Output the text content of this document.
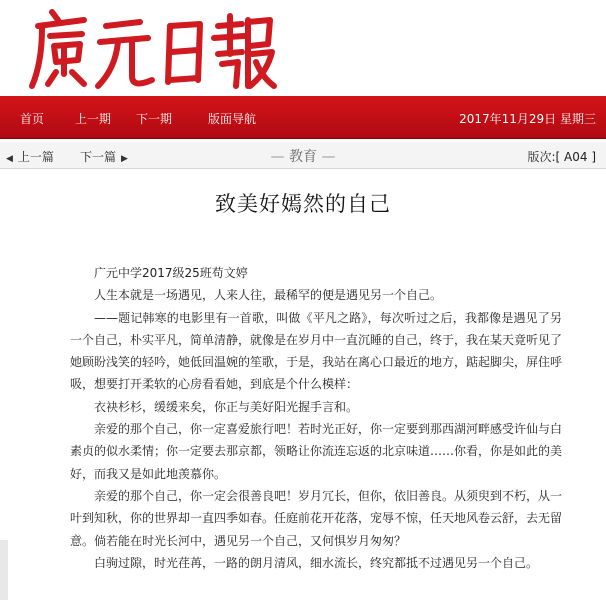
首页	上一期 下一期	版面导航	2017年11月29日 星期三
◀ 上一篇 下一篇 ▶	— 教育 —	版次:[ A04 ]
致美好嫣然的自己

广元中学2017级25班苟文婷

人生本就是一场遇见，人来人往，最稀罕的便是遇见另一个自己。

——题记韩寒的电影里有一首歌，叫做《平凡之路》，每次听过之后，我都像是遇见了另一个自己，朴实平凡，简单清静，就像是在岁月中一直沉睡的自己，终于，我在某天竟听见了她顾盼浅笑的轻吟，她低回温婉的笙歌，于是，我站在离心口最近的地方，踮起脚尖，屏住呼吸，想要打开柔软的心房看看她，到底是个什么模样：

衣袂杉杉，缓缓来矣，你正与美好阳光握手言和。

亲爱的那个自己，你一定喜爱旅行吧！若时光正好，你一定要到那西湖河畔感受许仙与白素贞的似水柔情；你一定要去那京都，领略让你流连忘返的北京味道……你看，你是如此的美好，而我又是如此地羡慕你。

亲爱的那个自己，你一定会很善良吧！岁月冗长，但你，依旧善良。从须臾到不朽，从一叶到知秋，你的世界却一直四季如春。任庭前花开花落，宠辱不惊，任天地风卷云舒，去无留意。倘若能在时光长河中，遇见另一个自己，又何惧岁月匆匆？

白驹过隙，时光荏苒，一路的朗月清风，细水流长，终究都抵不过遇见另一个自己。
